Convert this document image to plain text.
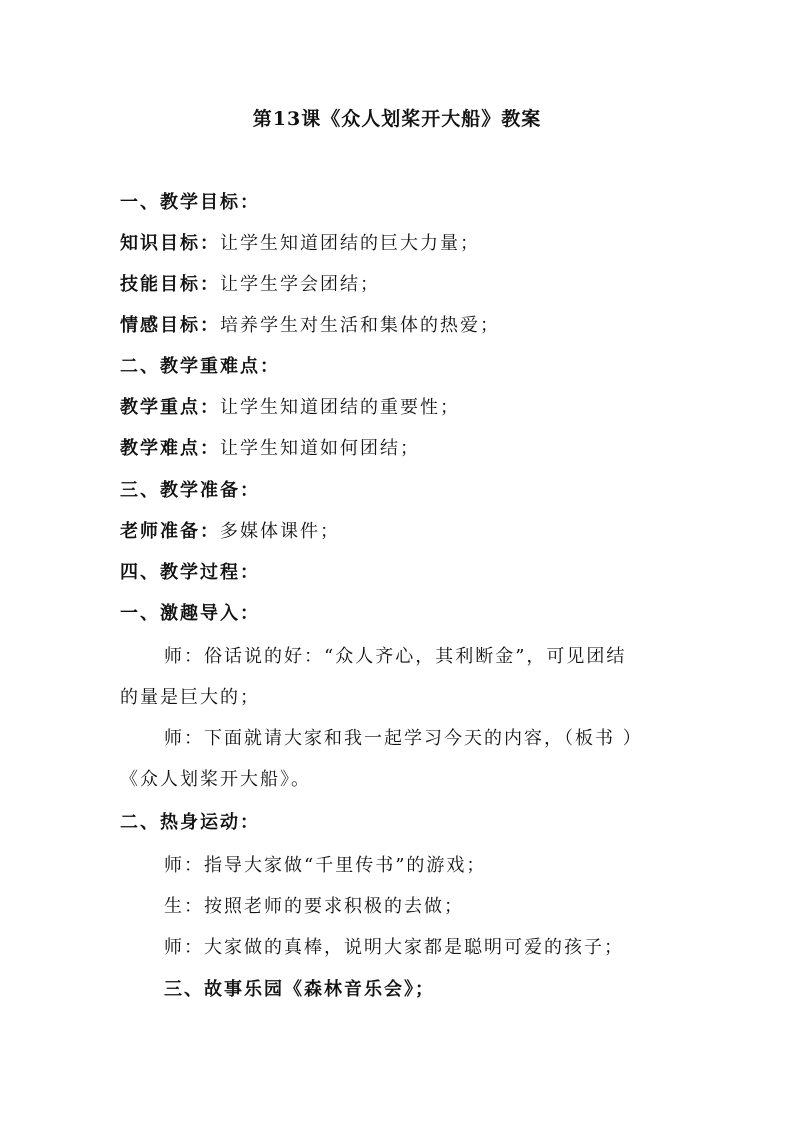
第13课《众人划桨开大船》教案
一、教学目标：
知识目标：让学生知道团结的巨大力量；
技能目标：让学生学会团结；
情感目标：培养学生对生活和集体的热爱；
二、教学重难点：
教学重点：让学生知道团结的重要性；
教学难点：让学生知道如何团结；
三、教学准备：
老师准备：多媒体课件；
四、教学过程：
一、激趣导入：
师：俗话说的好：“众人齐心，其利断金”，可见团结
的量是巨大的；
师：下面就请大家和我一起学习今天的内容，（板书 ）
《众人划桨开大船》。
二、热身运动：
师：指导大家做“千里传书”的游戏；
生：按照老师的要求积极的去做；
师：大家做的真棒，说明大家都是聪明可爱的孩子；
三、故事乐园《森林音乐会》；
